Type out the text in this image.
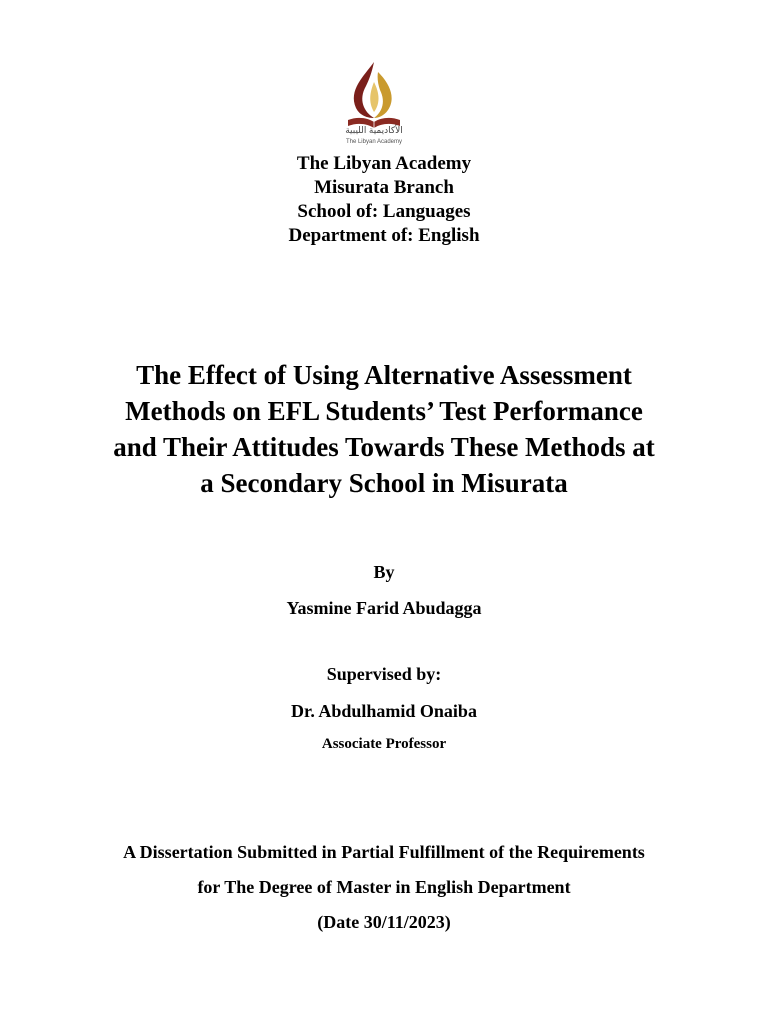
الأكاديمية الليبية
The Libyan Academy
The Libyan Academy
Misurata Branch
School of: Languages
Department of: English
The Effect of Using Alternative Assessment
Methods on EFL Students’ Test Performance
and Their Attitudes Towards These Methods at
a Secondary School in Misurata
By
Yasmine Farid Abudagga
Supervised by:
Dr. Abdulhamid Onaiba
Associate Professor
A Dissertation Submitted in Partial Fulfillment of the Requirements
for The Degree of Master in English Department
(Date 30/11/2023)
